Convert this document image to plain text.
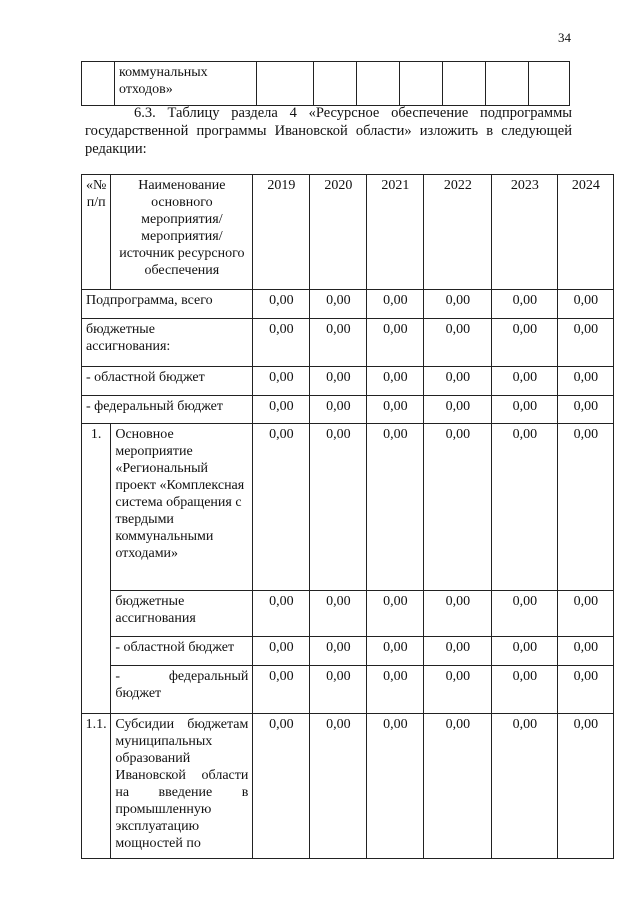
34
	коммунальных отходов»							
6.3. Таблицу раздела 4 «Ресурсное обеспечение подпрограммы государственной программы Ивановской области» изложить в следующей редакции:
«№ п/п	Наименование основного мероприятия/ мероприятия/ источник ресурсного обеспечения	2019	2020	2021	2022	2023	2024
Подпрограмма, всего		0,00	0,00	0,00	0,00	0,00	0,00

бюджетные ассигнования:		0,00	0,00	0,00	0,00	0,00	0,00
- областной бюджет		0,00	0,00	0,00	0,00	0,00	0,00
- федеральный бюджет		0,00	0,00	0,00	0,00	0,00	0,00
1.	Основное мероприятие «Региональный проект «Комплексная система обращения с твердыми коммунальными отходами»	0,00	0,00	0,00	0,00	0,00	0,00
	бюджетные ассигнования	0,00	0,00	0,00	0,00	0,00	0,00
	- областной бюджет	0,00	0,00	0,00	0,00	0,00	0,00

	- федеральный бюджет	0,00	0,00	0,00	0,00	0,00	0,00
1.1.	Субсидии бюджетам муниципальных образований Ивановской области на введение в промышленную эксплуатацию мощностей по	0,00	0,00	0,00	0,00	0,00	0,00
